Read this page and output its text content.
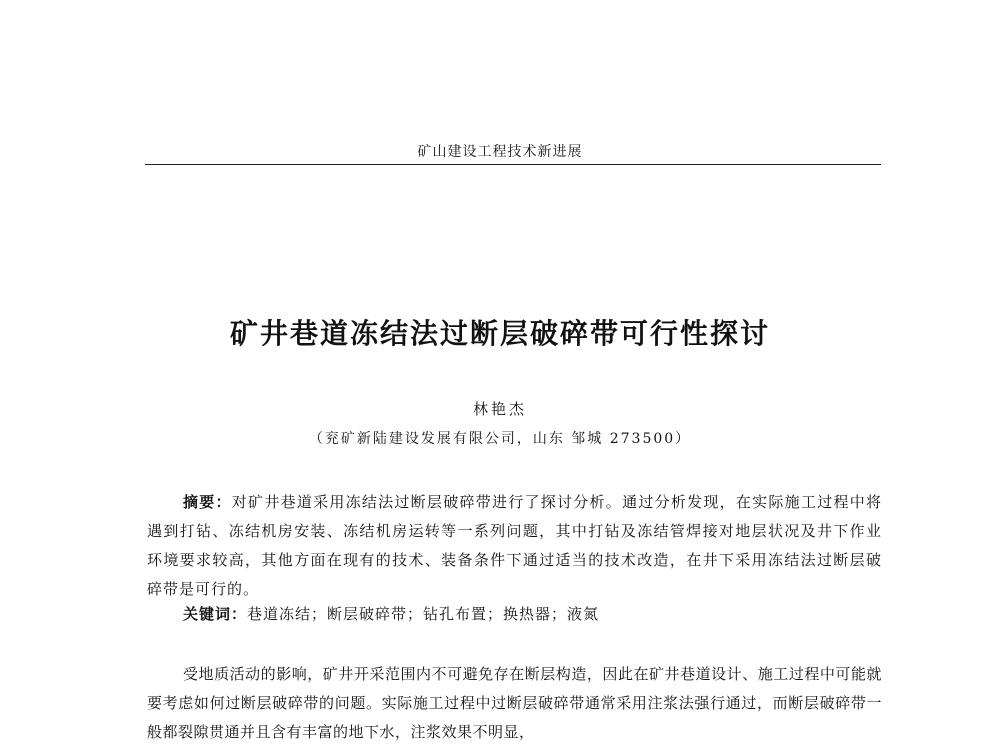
矿山建设工程技术新进展
矿井巷道冻结法过断层破碎带可行性探讨
林艳杰
（兖矿新陆建设发展有限公司，山东 邹城 273500）

摘要：对矿井巷道采用冻结法过断层破碎带进行了探讨分析。通过分析发现，在实际施工过程中将遇到打钻、冻结机房安装、冻结机房运转等一系列问题，其中打钻及冻结管焊接对地层状况及井下作业环境要求较高，其他方面在现有的技术、装备条件下通过适当的技术改造，在井下采用冻结法过断层破碎带是可行的。

关键词：巷道冻结；断层破碎带；钻孔布置；换热器；液氮

受地质活动的影响，矿井开采范围内不可避免存在断层构造，因此在矿井巷道设计、施工过程中可能就要考虑如何过断层破碎带的问题。实际施工过程中过断层破碎带通常采用注浆法强行通过，而断层破碎带一般都裂隙贯通并且含有丰富的地下水，注浆效果不明显，
